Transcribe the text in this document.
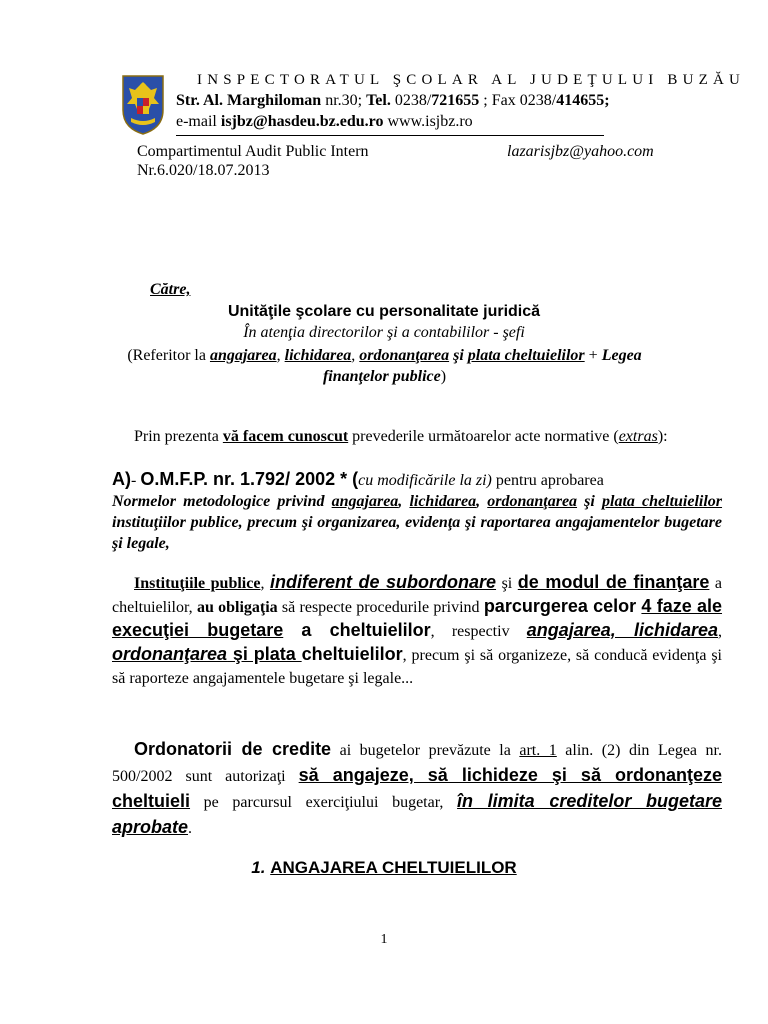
INSPECTORATUL ŞCOLAR AL JUDEŢULUI BUZĂU
Str. Al. Marghiloman nr.30; Tel. 0238/721655 ; Fax 0238/414655;
e-mail isjbz@hasdeu.bz.edu.ro www.isjbz.ro
Compartimentul Audit Public Intern	lazarisjbz@yahoo.com
Nr.6.020/18.07.2013
Către,
Unităţile şcolare cu personalitate juridică
În atenţia directorilor şi a contabililor - şefi
(Referitor la angajarea, lichidarea, ordonanţarea şi plata cheltuielilor + Legea finanţelor publice)
Prin prezenta vă facem cunoscut prevederile următoarelor acte normative (extras):
A)- O.M.F.P. nr. 1.792/ 2002 * (cu modificările la zi) pentru aprobarea
Normelor metodologice privind angajarea, lichidarea, ordonanţarea şi plata cheltuielilor instituţiilor publice, precum şi organizarea, evidenţa şi raportarea angajamentelor bugetare şi legale,
Instituţiile publice, indiferent de subordonare şi de modul de finanţare a cheltuielilor, au obligaţia să respecte procedurile privind parcurgerea celor 4 faze ale execuţiei bugetare a cheltuielilor, respectiv angajarea, lichidarea, ordonanţarea şi plata cheltuielilor, precum şi să organizeze, să conducă evidenţa şi să raporteze angajamentele bugetare şi legale...
Ordonatorii de credite ai bugetelor prevăzute la art. 1 alin. (2) din Legea nr. 500/2002 sunt autorizaţi să angajeze, să lichideze şi să ordonanţeze cheltuieli pe parcursul exerciţiului bugetar, în limita creditelor bugetare aprobate.
1. ANGAJAREA CHELTUIELILOR
1
